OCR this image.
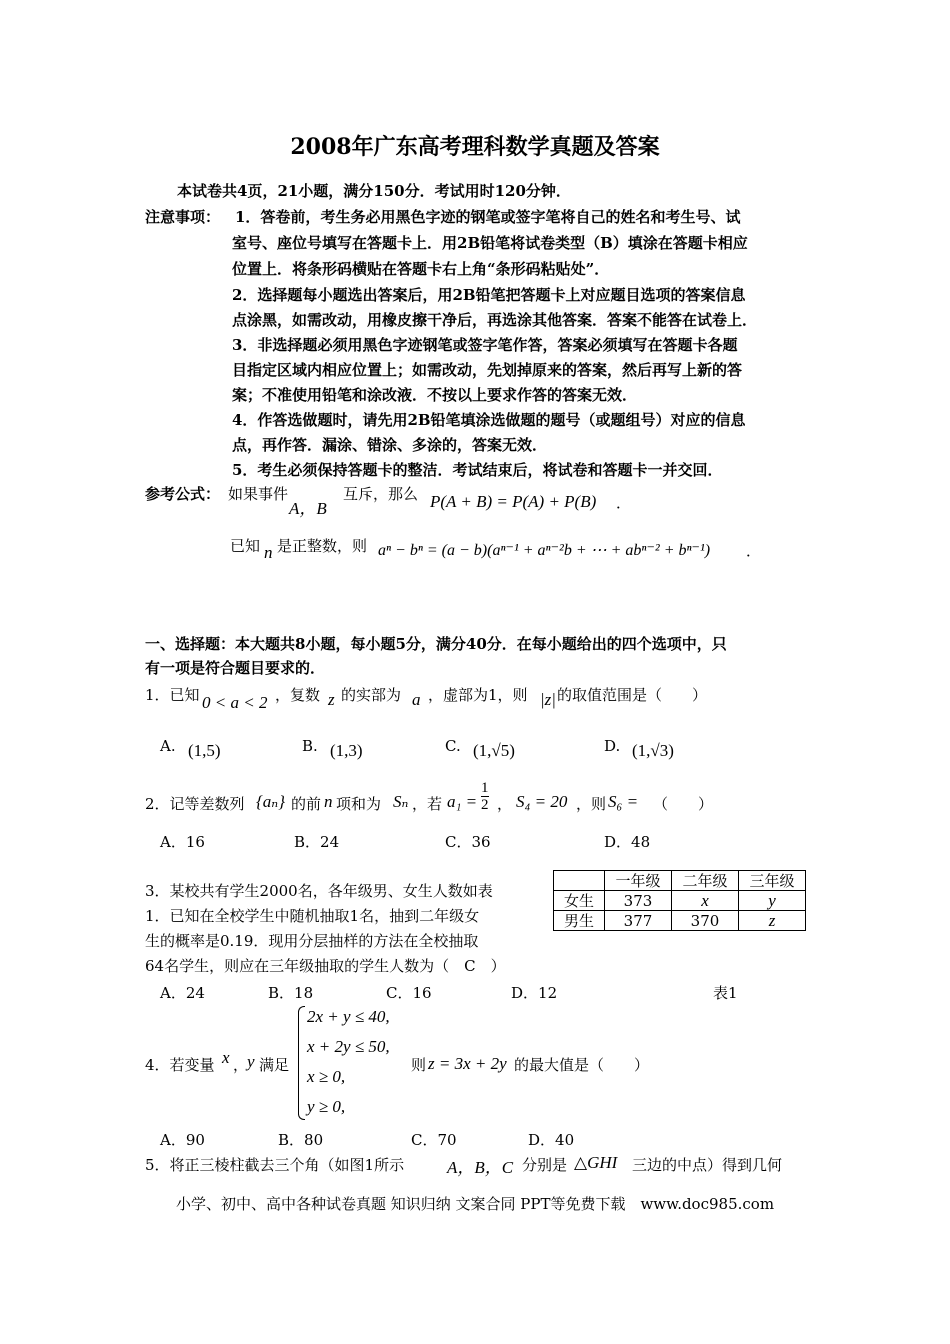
2008年广东高考理科数学真题及答案
本试卷共4页，21小题，满分150分．考试用时120分钟．
注意事项： 1．答卷前，考生务必用黑色字迹的钢笔或签字笔将自己的姓名和考生号、试
室号、座位号填写在答题卡上．用2B铅笔将试卷类型（B）填涂在答题卡相应
位置上．将条形码横贴在答题卡右上角“条形码粘贴处”．
2．选择题每小题选出答案后，用2B铅笔把答题卡上对应题目选项的答案信息
点涂黑，如需改动，用橡皮擦干净后，再选涂其他答案．答案不能答在试卷上．
3．非选择题必须用黑色字迹钢笔或签字笔作答，答案必须填写在答题卡各题
目指定区域内相应位置上；如需改动，先划掉原来的答案，然后再写上新的答
案；不准使用铅笔和涂改液．不按以上要求作答的答案无效．
4．作答选做题时，请先用2B铅笔填涂选做题的题号（或题组号）对应的信息
点，再作答．漏涂、错涂、多涂的，答案无效．
5．考生必须保持答题卡的整洁．考试结束后，将试卷和答题卡一并交回．
参考公式： 如果事件
A，B
互斥，那么 P(A + B) = P(A) + P(B) ．
已知 n 是正整数，则 aⁿ − bⁿ = (a − b)(aⁿ⁻¹ + aⁿ⁻²b + ⋯ + abⁿ⁻² + bⁿ⁻¹) ．
一、选择题：本大题共8小题，每小题5分，满分40分．在每小题给出的四个选项中，只
有一项是符合题目要求的．
1．已知 0 < a < 2 ，复数 z 的实部为 a ，虚部为1，则 |z| 的取值范围是（　　）
A. (1,5)	B. (1,3)	C. (1,√5)	D. (1,√3)
2．记等差数列 {aₙ} 的前 n 项和为 Sₙ ，若 $a_1 = \frac{1}{2}$ ， S₄ = 20 ，则 S₆ = （　　）
A．16	B．24	C．36	D．48
3．某校共有学生2000名，各年级男、女生人数如表
1．已知在全校学生中随机抽取1名，抽到二年级女
生的概率是0.19．现用分层抽样的方法在全校抽取
64名学生，则应在三年级抽取的学生人数为（　C　）
	一年级	二年级	三年级
女生	373	x	y
男生	377	370	z
A．24	B．18	C．16	D．12	表1
4．若变量 x ，
y 满足
2x + y ≤ 40,
x + 2y ≤ 50,
x ≥ 0,
y ≥ 0,
则 z = 3x + 2y 的最大值是（　　）
A．90	B．80	C．70	D．40
5．将正三棱柱截去三个角（如图1所示	A，B，C 分别是 △GHI 三边的中点）得到几何
小学、初中、高中各种试卷真题 知识归纳 文案合同 PPT等免费下载　www.doc985.com
